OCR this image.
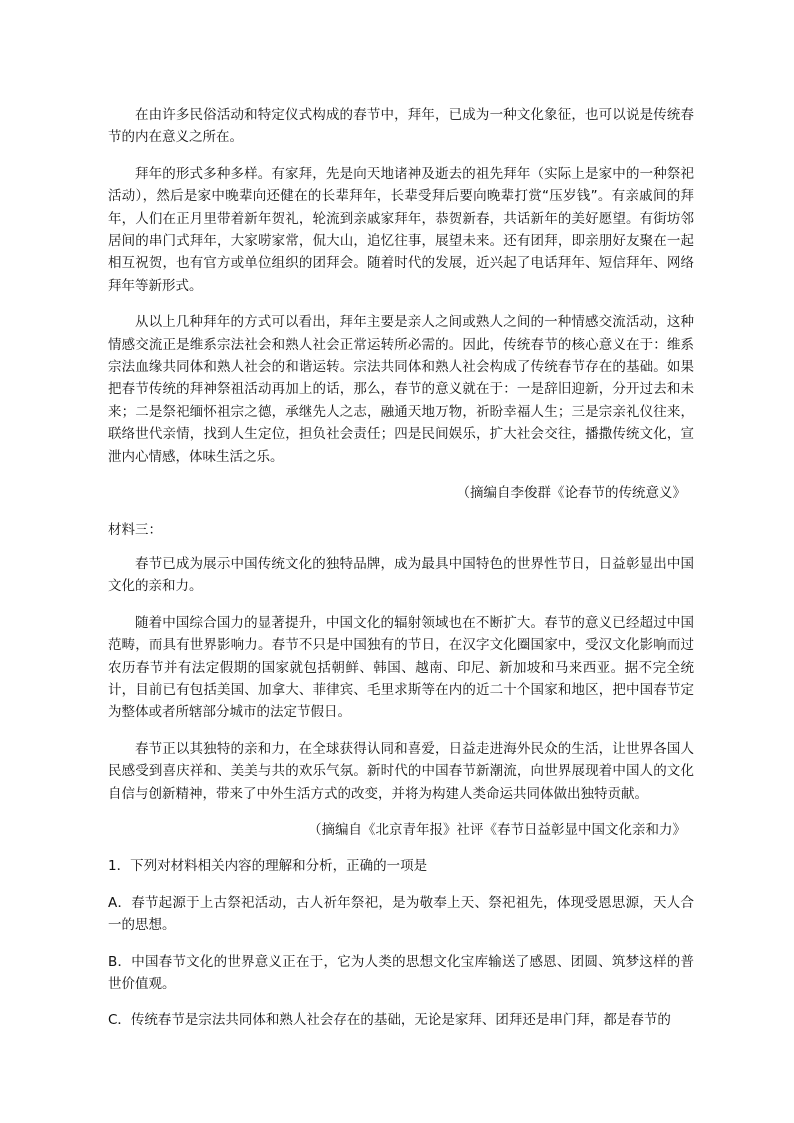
在由许多民俗活动和特定仪式构成的春节中，拜年，已成为一种文化象征，也可以说是传统春节的内在意义之所在。

拜年的形式多种多样。有家拜，先是向天地诸神及逝去的祖先拜年（实际上是家中的一种祭祀活动），然后是家中晚辈向还健在的长辈拜年，长辈受拜后要向晚辈打赏“压岁钱”。有亲戚间的拜年，人们在正月里带着新年贺礼，轮流到亲戚家拜年，恭贺新春，共话新年的美好愿望。有街坊邻居间的串门式拜年，大家唠家常，侃大山，追忆往事，展望未来。还有团拜，即亲朋好友聚在一起相互祝贺，也有官方或单位组织的团拜会。随着时代的发展，近兴起了电话拜年、短信拜年、网络拜年等新形式。

从以上几种拜年的方式可以看出，拜年主要是亲人之间或熟人之间的一种情感交流活动，这种情感交流正是维系宗法社会和熟人社会正常运转所必需的。因此，传统春节的核心意义在于：维系宗法血缘共同体和熟人社会的和谐运转。宗法共同体和熟人社会构成了传统春节存在的基础。如果把春节传统的拜神祭祖活动再加上的话，那么，春节的意义就在于：一是辞旧迎新，分开过去和未来；二是祭祀缅怀祖宗之德，承继先人之志，融通天地万物，祈盼幸福人生；三是宗亲礼仪往来，联络世代亲情，找到人生定位，担负社会责任；四是民间娱乐，扩大社会交往，播撒传统文化，宣泄内心情感，体味生活之乐。

（摘编自李俊群《论春节的传统意义》

材料三：

春节已成为展示中国传统文化的独特品牌，成为最具中国特色的世界性节日，日益彰显出中国文化的亲和力。

随着中国综合国力的显著提升，中国文化的辐射领域也在不断扩大。春节的意义已经超过中国范畴，而具有世界影响力。春节不只是中国独有的节日，在汉字文化圈国家中，受汉文化影响而过农历春节并有法定假期的国家就包括朝鲜、韩国、越南、印尼、新加坡和马来西亚。据不完全统计，目前已有包括美国、加拿大、菲律宾、毛里求斯等在内的近二十个国家和地区，把中国春节定为整体或者所辖部分城市的法定节假日。

春节正以其独特的亲和力，在全球获得认同和喜爱，日益走进海外民众的生活，让世界各国人民感受到喜庆祥和、美美与共的欢乐气氛。新时代的中国春节新潮流，向世界展现着中国人的文化自信与创新精神，带来了中外生活方式的改变，并将为构建人类命运共同体做出独特贡献。

（摘编自《北京青年报》社评《春节日益彰显中国文化亲和力》

1．下列对材料相关内容的理解和分析，正确的一项是

A．春节起源于上古祭祀活动，古人祈年祭祀，是为敬奉上天、祭祀祖先，体现受恩思源，天人合一的思想。

B．中国春节文化的世界意义正在于，它为人类的思想文化宝库输送了感恩、团圆、筑梦这样的普世价值观。

C．传统春节是宗法共同体和熟人社会存在的基础，无论是家拜、团拜还是串门拜，都是春节的
